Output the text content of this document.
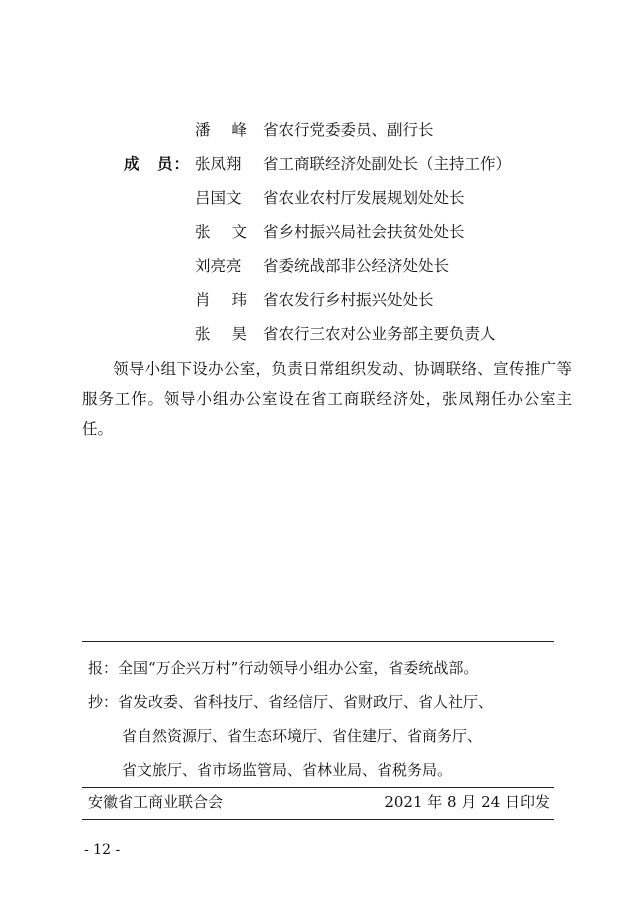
潘峰 省农行党委委员、副行长
成　员： 张凤翔 省工商联经济处副处长（主持工作）
吕国文 省农业农村厅发展规划处处长
张文 省乡村振兴局社会扶贫处处长
刘亮亮 省委统战部非公经济处处长
肖玮 省农发行乡村振兴处处长
张昊 省农行三农对公业务部主要负责人

领导小组下设办公室，负责日常组织发动、协调联络、宣传推广等服务工作。领导小组办公室设在省工商联经济处，张凤翔任办公室主任。

报：全国“万企兴万村”行动领导小组办公室，省委统战部。
抄：省发改委、省科技厅、省经信厅、省财政厅、省人社厅、
省自然资源厅、省生态环境厅、省住建厅、省商务厅、
省文旅厅、省市场监管局、省林业局、省税务局。
安徽省工商业联合会	2021 年 8 月 24 日印发
- 12 -
